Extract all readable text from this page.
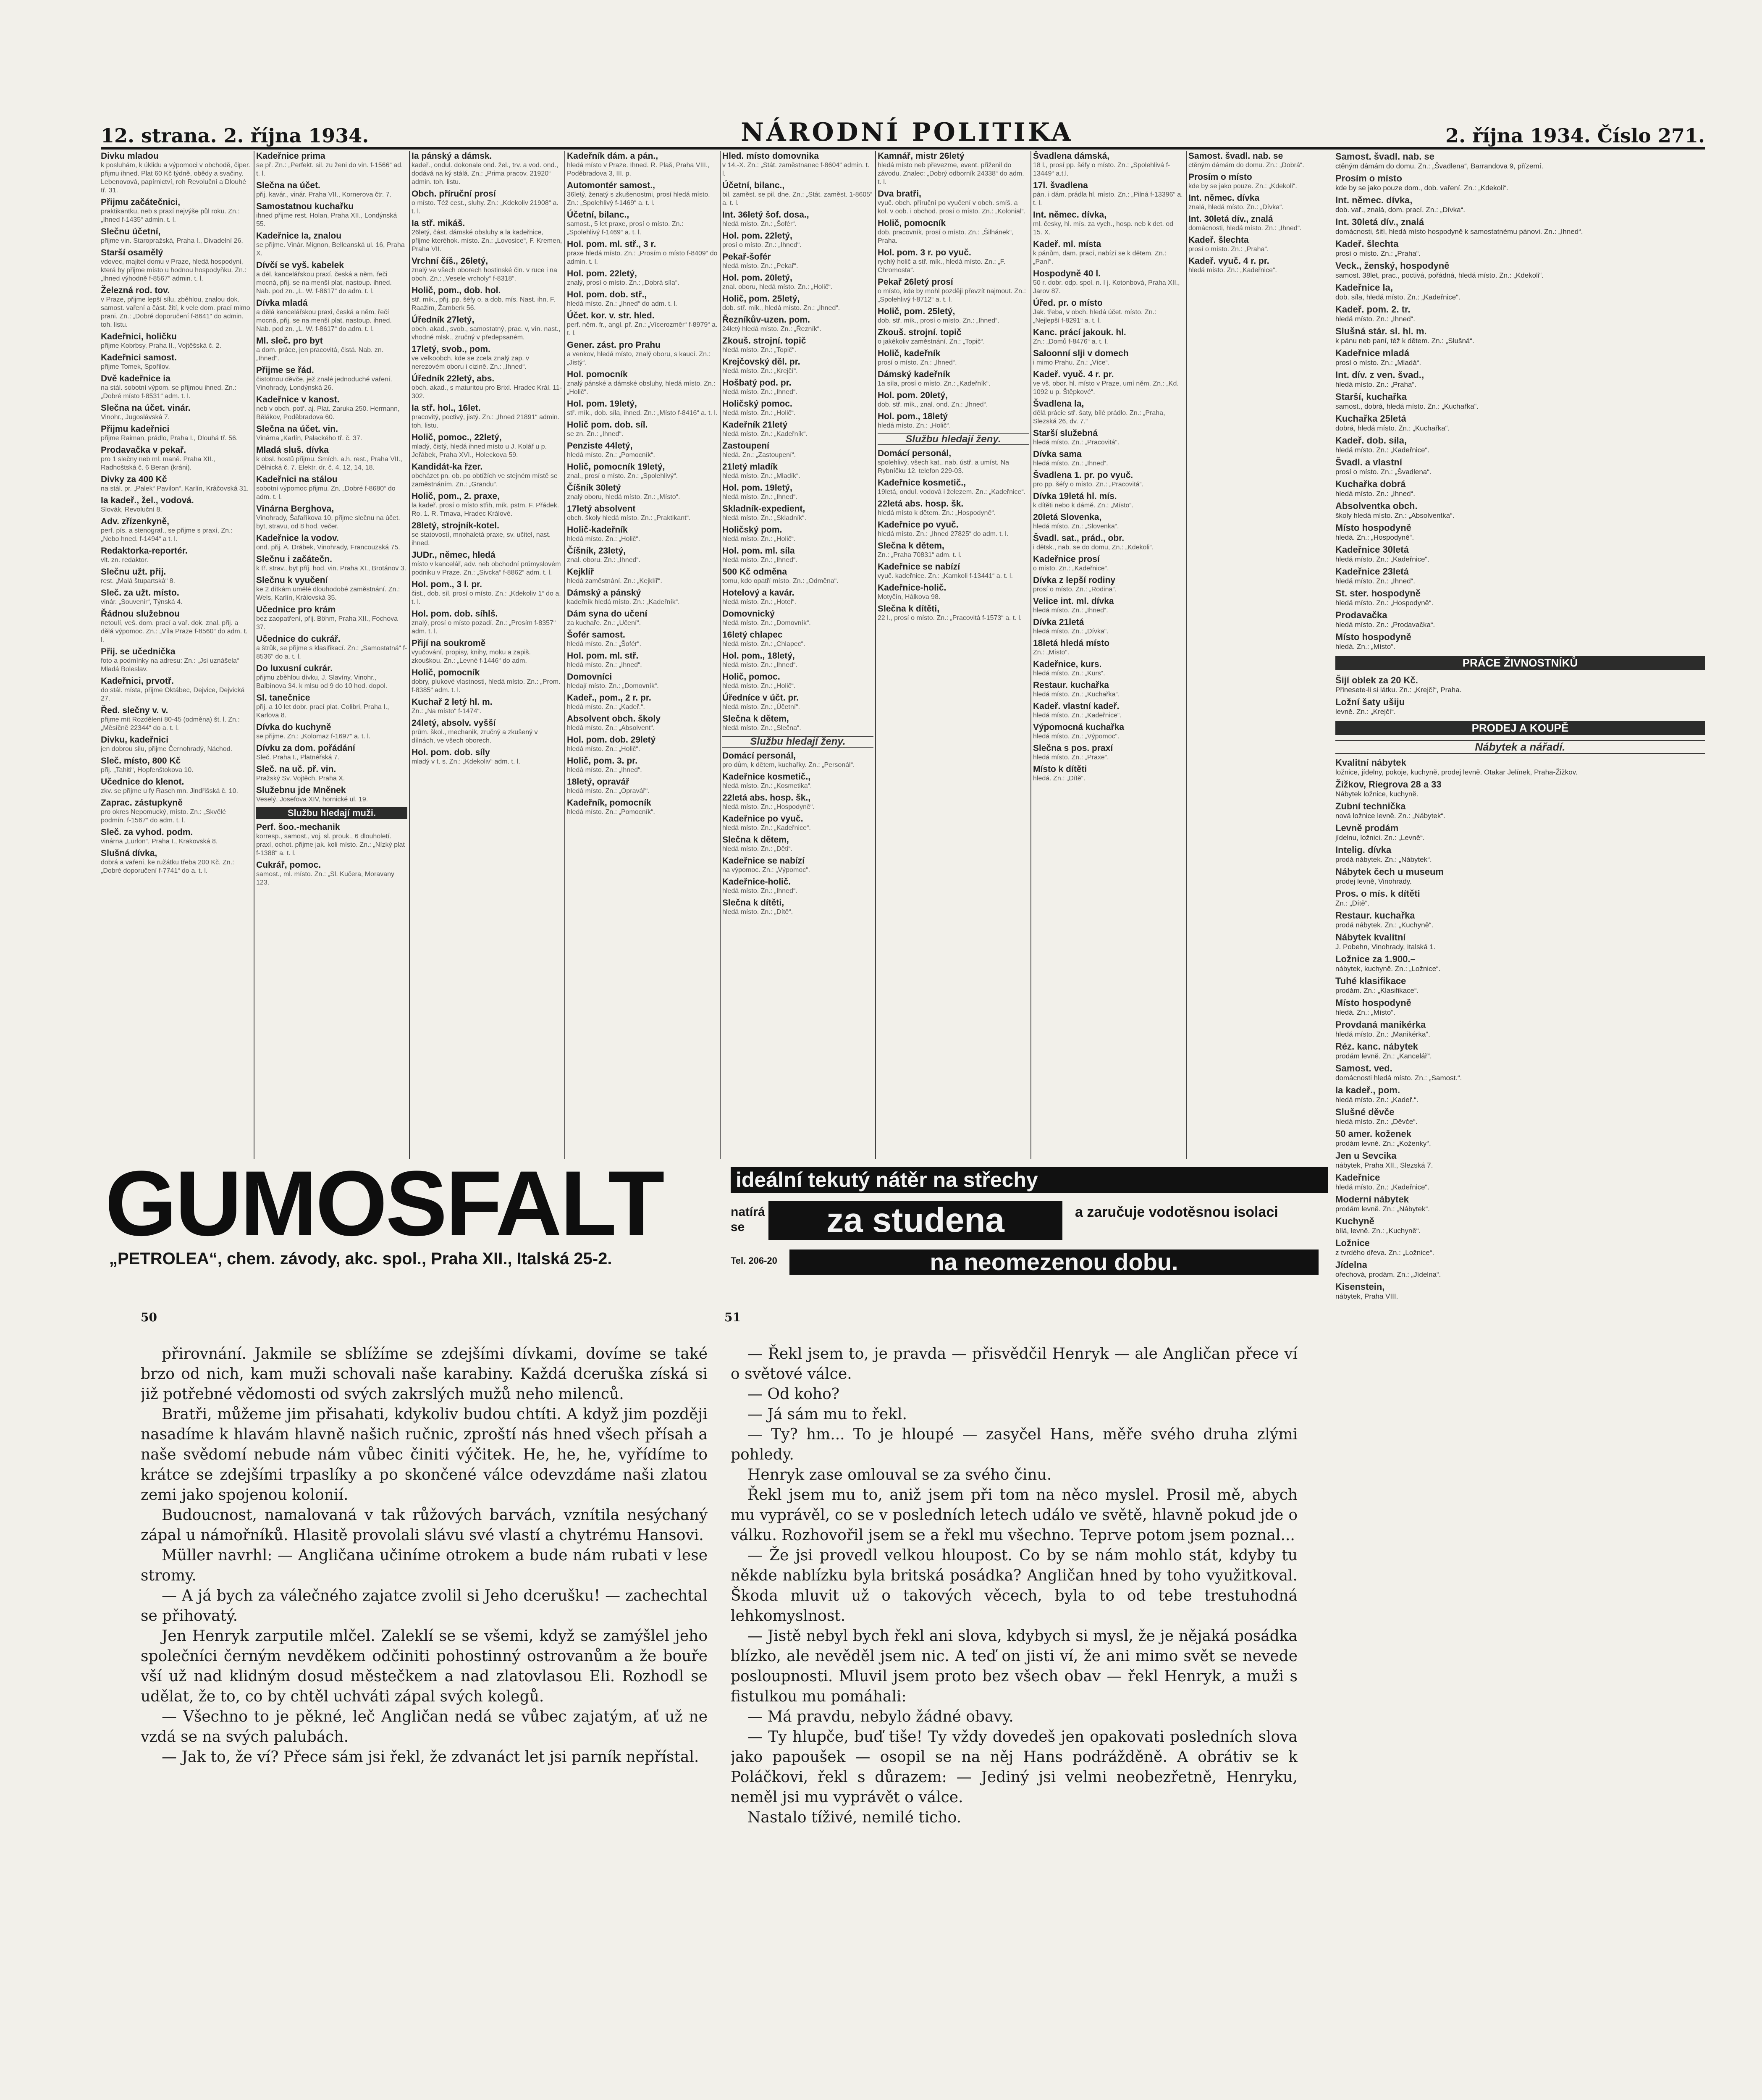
12. strana. 2. října 1934.	NÁRODNÍ POLITIKA	2. října 1934. Číslo 271.
Divku mladou
k posluhám, k úklidu a výpomoci v obchodě, čiper. přijmu ihned. Plat 60 Kč týdně, obědy a svačiny. Lebenovová, papírnictví, roh Revoluční a Dlouhé tř. 31.
Přijmu začátečnici,
praktikantku, neb s praxí nejvýše půl roku. Zn.: „Ihned f-1435“ admin. t. l.
Slečnu účetní,
přijme vin. Staropražská, Praha I., Divadelní 26.
Starší osamělý
vdovec, majitel domu v Praze, hledá hospodyni, která by přijme místo u hodnou hospodyňku. Zn.: „Ihned výhodně f-8567“ admin. t. l.
Železná rod. tov.
v Praze, přijme lepší sílu, zběhlou, znalou dok. samost. vaření a část. žití, k vele dom. prací mimo prani. Zn.: „Dobré doporučení f-8641“ do admin. toh. listu.
Kadeřnici, holičku
přijme Kobrbsy, Praha II., Vojtěšská č. 2.
Kadeřnici samost.
přijme Tomek, Spořilov.
Dvě kadeřnice ia
na stál. sobotní výpom. se přijmou ihned. Zn.: „Dobré místo f-8531“ adm. t. l.
Slečna na účet. vinár.
Vinohr., Jugoslávská 7.
Přijmu kadeřnici
přijme Raiman, prádlo, Praha I., Dlouhá tř. 56.
Prodavačka v pekař.
pro 1 slečny neb ml. maně. Praha XII., Radhoštská č. 6 Beran (kráni).
Divky za 400 Kč
na stál. pr. „Palek“ Pavilon“, Karlín, Kráčovská 31.
Ia kadeř., žel., vodová.
Slovák, Revoluční 8.
Adv. zřízenkyně,
perf. pís. a stenograf., se přijme s praxí, Zn.: „Nebo hned. f-1494“ a t. l.
Redaktorka-reportér.
vlt. zn. redaktor.
Slečnu užt. přij.
rest. „Malá štupartská“ 8.
Sleč. za užt. místo.
vinár. „Souvenir“, Týnská 4.
Řádnou služebnou
netoulí, veš. dom. prací a vař. dok. znal. přij. a dělá výpomoc. Zn.: „Víla Praze f-8560“ do adm. t. l.
Přij. se učednička
foto a podmínky na adresu: Zn.: „Jsi uznášela“ Mladá Boleslav.
Kadeřnici, prvotř.
do stál. místa, přijme Oktábec, Dejvice, Dejvická 27.
Řed. slečny v. v.
přijme mít Rozdělení 80-45 (odměna) št. l. Zn.: „Měsíčně 22344“ do a. t. l.
Divku, kadeřnici
jen dobrou silu, přijme Černohradý, Náchod.
Sleč. místo, 800 Kč
přij. „Tahiti“, Hopfenštokova 10.
Učednice do klenot.
zkv. se přijme u fy Rasch mn. Jindřišská č. 10.
Zaprac. zástupkyně
pro okres Nepomucký, místo. Zn.: „Skvělé podmín. f-1567“ do adm. t. l.
Sleč. za vyhod. podm.
vinárna „Lurlon“, Praha I., Krakovská 8.
Slušná dívka,
dobrá a vaření, ke ružátku třeba 200 Kč. Zn.: „Dobré doporučení f-7741“ do a. t. l.
Kadeřnice prima
se př. Zn.: „Perfekt. sil. zu ženi do vin. f-1566“ ad. t. l.
Slečna na účet.
přij. kavár., vinár. Praha VII., Kornerova čtr. 7.
Samostatnou kuchařku
ihned přijme rest. Holan, Praha XII., Londýnská 55.
Kadeřnice Ia, znalou
se přijme. Vinár. Mignon, Belleanská ul. 16, Praha X.
Dívčí se vyš. kabelek
a dél. kancelářskou praxí, česká a něm. řeči mocná, přij. se na menší plat, nastoup. ihned. Nab. pod zn. „L. W. f-8617“ do adm. t. l.
Dívka mladá
a dělá kancelářskou praxi, česká a něm. řečí mocná, přij. se na menší plat, nastoup. ihned. Nab. pod zn. „L. W. f-8617“ do adm. t. l.
Ml. sleč. pro byt
a dom. práce, jen pracovitá, čistá. Nab. zn. „Ihned“.
Přijme se řád.
čistotnou děvče, jež znalé jednoduché vaření. Vinohrady, Londýnská 26.
Kadeřnice v kanost.
neb v obch. potř. aj. Plat. Zaruka 250. Hermann, Bělákov, Poděbradova 60.
Slečna na účet. vin.
Vinárna „Karlín, Palackého tř. č. 37.
Mladá sluš. dívka
k obsl. hostů přijmu. Smích. a.h. rest., Praha VII., Dělnická č. 7. Elektr. dr. č. 4, 12, 14, 18.
Kadeřnici na stálou
sobotní výpomoc přijmu. Zn. „Dobré f-8680“ do adm. t. l.
Vinárna Berghova,
Vinohrady, Šafaříkova 10, přijme slečnu na účet. byt, stravu, od 8 hod. večer.
Kadeřnice la vodov.
ond. přij. A. Drábek, Vinohrady, Francouzská 75.
Slečnu i začátečn.
k tř. strav., byt příj. hod. vin. Praha XI., Brotánov 3.
Slečnu k vyučení
ke 2 dítkám umělé dlouhodobé zaměstnání. Zn.: Wels, Karlín, Královská 35.
Učednice pro krám
bez zaopatření, přij. Böhm, Praha XII., Fochova 37.
Učednice do cukrář.
a štrůk, se přijme s klasifikací. Zn.: „Samostatná“ f-8536“ do a. t. l.
Do luxusní cukrár.
přijmu zběhlou dívku, J. Slavíny, Vinohr., Balbínova 34. k mlsu od 9 do 10 hod. dopol.
Sl. tanečnice
přij. a 10 let dobr. prací plat. Colibri, Praha I., Karlova 8.
Dívka do kuchyně
se přijme. Zn.: „Kolomaz f-1697“ a. t. l.
Dívku za dom. pořádání
Sleč. Praha I., Platnéřská 7.
Sleč. na uč. př. vin.
Pražský Sv. Vojtěch. Praha X.
Služebnu jde Mněnek
Veselý, Josefova XIV, hornické ul. 19.
Službu hledají muži.
Perf. šoo.-mechanik
korresp., samost., voj. sl. prouk., 6 dlouholetí. praxí, ochot. přijme jak. koli místo. Zn.: „Nízký plat f-1388“ a. t. l.
Cukrář, pomoc.
samost., ml. místo. Zn.: „Sl. Kučera, Moravany 123.
Ia pánský a dámsk.
kadeř., ondul. dokonale ond. žel., trv. a vod. ond., dodává na ký stálá. Zn.: „Prima pracov. 21920“ admin. toh. listu.
Obch. příruční prosí
o místo. Též cest., sluhy. Zn.: „Kdekoliv 21908“ a. t. l.
Ia stř. mikáš.
26letý, část. dámské obsluhy a la kadeřnice, přijme kteréhok. místo. Zn.: „Lovosice“, F. Kremen, Praha VII.
Vrchní číš., 26letý,
znalý ve všech oborech hostinské čin. v ruce i na obch. Zn.: „Vesele vrcholy“ f-8318“.
Holič, pom., dob. hol.
stř. mík., přij. pp. šéfy o. a dob. mís. Nast. ihn. F. Raažim, Žamberk 56.
Úředník 27letý,
obch. akad., svob., samostatný, prac. v, vín. nast., vhodné mlsk., zručný v předepsaném.
17letý, svob., pom.
ve velkoobch. kde se zcela znalý zap. v nerezovém oboru i cizině. Zn.: „Ihned“.
Úředník 22letý, abs.
obch. akad., s maturitou pro Brixl. Hradec Král. 11-302.
Ia stř. hol., 16let.
pracovitý, poctivý, jistý. Zn.: „Ihned 21891“ admin. toh. listu.
Holič, pomoc., 22letý,
mladý, čistý, hledá ihned místo u J. Kolář u p. Jeřábek, Praha XVI., Holeckova 59.
Kandidát-ka řzer.
obcházet pn. ob. po obtížích ve stejném místě se zaměstnáním. Zn.: „Grandu“.
Holič, pom., 2. praxe,
la kadeř. prosí o místo stfih, mík. pstm. F. Přádek. Ro. 1. R. Trnava, Hradec Králové.
28letý, strojník-kotel.
se statovostí, mnohaletá praxe, sv. učitel, nast. ihned.
JUDr., němec, hledá
místo v kancelář, adv. neb obchodní průmyslovém podniku v Praze. Zn.: „Sivcka“ f-8862“ adm. t. l.
Hol. pom., 3 l. pr.
čist., dob. síl. prosí o místo. Zn.: „Kdekoliv 1“ do a. t. l.
Hol. pom. dob. síhlš.
znalý, prosí o místo pozadí. Zn.: „Prosím f-8357“ adm. t. l.
Přijí na soukromě
vyučování, propisy, knihy, moku a zapiš. zkouškou. Zn.: „Levné f-1446“ do adm.
Holič, pomocník
dobry, plukové vlastnosti, hledá místo. Zn.: „Prom. f-8385“ adm. t. l.
Kuchař 2 letý hl. m.
Zn.: „Na místo“ f-1474“.
24letý, absolv. vyšší
prům. škol., mechanik, zručný a zkušený v dílnách, ve všech oborech.
Hol. pom. dob. síly
mladý v t. s. Zn.: „Kdekoliv“ adm. t. l.
Kadeřník dám. a pán.,
hledá místo v Praze. Ihned. R. Plaš, Praha VIII., Poděbradova 3, III. p.
Automontér samost.,
36letý, ženatý s zkušenostmi, prosí hledá místo. Zn.: „Spolehlivý f-1469“ a. t. l.
Účetní, bilanc.,
samost., 5 let praxe, prosí o místo. Zn.: „Spolehlivý f-1469“ a. t. l.
Hol. pom. ml. stř., 3 r.
praxe hledá místo. Zn.: „Prosím o místo f-8409“ do admin. t. l.
Hol. pom. 22letý,
znalý, prosí o místo. Zn.: „Dobrá síla“.
Hol. pom. dob. stř.,
hledá místo. Zn.: „Ihned“ do adm. t. l.
Účet. kor. v. str. hled.
perf. něm. fr., angl. př. Zn.: „Vícerozměr“ f-8979“ a. t. l.
Gener. zást. pro Prahu
a venkov, hledá místo, znalý oboru, s kaucí. Zn.: „Jistý“.
Hol. pomocník
znalý pánské a dámské obsluhy, hledá místo. Zn.: „Holič“.
Hol. pom. 19letý,
stř. mík., dob. síla, ihned. Zn.: „Místo f-8416“ a. t. l.
Holič pom. dob. síl.
se zn. Zn.: „Ihned“.
Penziste 44letý,
hledá místo. Zn.: „Pomocník“.
Holič, pomocník 19letý,
znal., prosí o místo. Zn.: „Spolehlivý“.
Číšník 30letý
znalý oboru, hledá místo. Zn.: „Místo“.
17letý absolvent
obch. školy hledá místo. Zn.: „Praktikant“.
Holič-kadeřník
hledá místo. Zn.: „Holič“.
Číšník, 23letý,
znal. oboru. Zn.: „Ihned“.
Kejklíř
hledá zaměstnání. Zn.: „Kejklíř“.
Dámský a pánský
kadeřník hledá místo. Zn.: „Kadeřník“.
Dám syna do učení
za kuchaře. Zn.: „Učení“.
Šofér samost.
hledá místo. Zn.: „Šofér“.
Hol. pom. ml. stř.
hledá místo. Zn.: „Ihned“.
Domovníci
hledají místo. Zn.: „Domovník“.
Kadeř., pom., 2 r. pr.
hledá místo. Zn.: „Kadeř.“.
Absolvent obch. školy
hledá místo. Zn.: „Absolvent“.
Hol. pom. dob. 29letý
hledá místo. Zn.: „Holič“.
Holič, pom. 3. pr.
hledá místo. Zn.: „Ihned“.
18letý, opravář
hledá místo. Zn.: „Opravář“.
Kadeřník, pomocník
hledá místo. Zn.: „Pomocník“.
Hled. místo domovnika
v 14.-X. Zn.: „Stát. zaměstnanec f-8604“ admin. t. l.
Účetní, bilanc.,
bil. zaměst. se pil. dne. Zn.: „Stát. zaměst. 1-8605“ a. t. l.
Int. 36letý šof. dosa.,
hledá místo. Zn.: „Šofér“.
Hol. pom. 22letý,
prosí o místo. Zn.: „Ihned“.
Pekař-šofér
hledá místo. Zn.: „Pekař“.
Hol. pom. 20letý,
znal. oboru, hledá místo. Zn.: „Holič“.
Holič, pom. 25letý,
dob. stř. mík., hledá místo. Zn.: „Ihned“.
Řezníkův-uzen. pom.
24letý hledá místo. Zn.: „Řezník“.
Zkouš. strojní. topič
hledá místo. Zn.: „Topič“.
Krejčovský děl. pr.
hledá místo. Zn.: „Krejčí“.
Hošbatý pod. pr.
hledá místo. Zn.: „Ihned“.
Holičský pomoc.
hledá místo. Zn.: „Holič“.
Kadeřník 21letý
hledá místo. Zn.: „Kadeřník“.
Zastoupení
hledá. Zn.: „Zastoupení“.
21letý mladík
hledá místo. Zn.: „Mladík“.
Hol. pom. 19letý,
hledá místo. Zn.: „Ihned“.
Skladník-expedient,
hledá místo. Zn.: „Skladník“.
Holičský pom.
hledá místo. Zn.: „Holič“.
Hol. pom. ml. síla
hledá místo. Zn.: „Ihned“.
500 Kč odměna
tomu, kdo opatří místo. Zn.: „Odměna“.
Hotelový a kavár.
hledá místo. Zn.: „Hotel“.
Domovnický
hledá místo. Zn.: „Domovník“.
16letý chlapec
hledá místo. Zn.: „Chlapec“.
Hol. pom., 18letý,
hledá místo. Zn.: „Ihned“.
Holič, pomoc.
hledá místo. Zn.: „Holič“.
Úředníce v účt. pr.
hledá místo. Zn.: „Účetní“.
Slečna k dětem,
hledá místo. Zn.: „Slečna“.
Službu hledají ženy.
Domácí personál,
pro dům, k dětem, kuchařky. Zn.: „Personál“.
Kadeřnice kosmetič.,
hledá místo. Zn.: „Kosmetika“.
22letá abs. hosp. šk.,
hledá místo. Zn.: „Hospodyně“.
Kadeřnice po vyuč.
hledá místo. Zn.: „Kadeřnice“.
Slečna k dětem,
hledá místo. Zn.: „Děti“.
Kadeřnice se nabízí
na výpomoc. Zn.: „Výpomoc“.
Kadeřnice-holič.
hledá místo. Zn.: „Ihned“.
Slečna k dítěti,
hledá místo. Zn.: „Dítě“.
Kamnář, mistr 26letý
hledá místo neb převezme, event. přiženil do závodu. Znalec: „Dobrý odborník 24338“ do adm. t. l.
Dva bratři,
vyuč. obch. příruční po vyučení v obch. smíš. a kol. v oob. i obchod. prosí o místo. Zn.: „Kolonial“.
Holič, pomocník
dob. pracovník, prosí o místo. Zn.: „Šilhánek“, Praha.
Hol. pom. 3 r. po vyuč.
rychlý holič a stř. mík., hledá místo. Zn.: „F. Chromosta“.
Pekař 26letý prosí
o místo, kde by mohl později převzít najmout. Zn.: „Spolehlivý f-8712“ a. t. l.
Holič, pom. 25letý,
dob. stř. mík., prosí o místo. Zn.: „Ihned“.
Zkouš. strojní. topič
o jakékoliv zaměstnání. Zn.: „Topič“.
Holič, kadeřník
prosí o místo. Zn.: „Ihned“.
Dámský kadeřník
1a síla, prosí o místo. Zn.: „Kadeřník“.
Hol. pom. 20letý,
dob. stř. mík., znal. ond. Zn.: „Ihned“.
Hol. pom., 18letý
hledá místo. Zn.: „Holič“.
Službu hledají ženy.
Domácí personál,
spolehlivý, všech kat., nab. ústř. a umíst. Na Rybníčku 12. telefon 229-03.
Kadeřnice kosmetič.,
19letá, ondul. vodová i železem. Zn.: „Kadeřnice“.
22letá abs. hosp. šk.
hledá místo k dětem. Zn.: „Hospodyně“.
Kadeřnice po vyuč.
hledá místo. Zn.: „Ihned 27825“ do adm. t. l.
Slečna k dětem,
Zn.: „Praha 70831“ adm. t. l.
Kadeřnice se nabízí
vyuč. kadeřnice. Zn.: „Kamkoli f-13441“ a. t. l.
Kadeřnice-holič.
Motyčín, Hálkova 98.
Slečna k dítěti,
22 l., prosí o místo. Zn.: „Pracovitá f-1573“ a. t. l.
Švadlena dámská,
18 l., prosí pp. šéfy o místo. Zn.: „Spolehlivá f-13449“ a.t.l.
17l. švadlena
pán. i dám. prádla hl. místo. Zn.: „Pilná f-13396“ a. t. l.
Int. němec. dívka,
ml. česky, hl. mís. za vych., hosp. neb k det. od 15. X.
Kadeř. ml. místa
k pánům, dam. prací, nabízí se k dětem. Zn.: „Paní“.
Hospodyně 40 l.
50 r. dobr. odp. spol. n. I j. Kotonbová, Praha XII., Jarov 87.
Úřed. pr. o místo
Jak. třeba, v obch. hledá účet. místo. Zn.: „Nejlepší f-8291“ a. t. l.
Kanc. prácí jakouk. hl.
Zn.: „Domů f-8476“ a. t. l.
Saloonní slji v domech
i mimo Prahu. Zn.: „Více“.
Kadeř. vyuč. 4 r. pr.
ve vš. obor. hl. místo v Praze, umí něm. Zn.: „Kd. 1092 u p. Štěpkové“.
Švadlena la,
dělá prácie stř. šaty, bílé prádlo. Zn.: „Praha, Slezská 26, dv. 7.“
Starší služebná
hledá místo. Zn.: „Pracovitá“.
Dívka sama
hledá místo. Zn.: „Ihned“.
Švadlena 1. pr. po vyuč.
pro pp. šéfy o místo. Zn.: „Pracovitá“.
Dívka 19letá hl. mís.
k dítěti nebo k dámě. Zn.: „Místo“.
20letá Slovenka,
hledá místo. Zn.: „Slovenka“.
Švadl. sat., prád., obr.
i dětsk., nab. se do domu, Zn.: „Kdekoli“.
Kadeřnice prosí
o místo. Zn.: „Kadeřnice“.
Dívka z lepší rodiny
prosí o místo. Zn.: „Rodina“.
Velice int. ml. dívka
hledá místo. Zn.: „Ihned“.
Dívka 21letá
hledá místo. Zn.: „Dívka“.
18letá hledá místo
Zn.: „Místo“.
Kadeřnice, kurs.
hledá místo. Zn.: „Kurs“.
Restaur. kuchařka
hledá místo. Zn.: „Kuchařka“.
Kadeř. vlastní kadeř.
hledá místo. Zn.: „Kadeřnice“.
Výpomocná kuchařka
hledá místo. Zn.: „Výpomoc“.
Slečna s pos. praxí
hledá místo. Zn.: „Praxe“.
Místo k dítěti
hledá. Zn.: „Dítě“.
Samost. švadl. nab. se
ctěným dámám do domu. Zn.: „Dobrá“.
Prosím o místo
kde by se jako pouze. Zn.: „Kdekoli“.
Int. němec. dívka
znalá, hledá místo. Zn.: „Dívka“.
Int. 30letá dív., znalá
domácnosti, hledá místo. Zn.: „Ihned“.
Kadeř. šlechta
prosí o místo. Zn.: „Praha“.
Kadeř. vyuč. 4 r. pr.
hledá místo. Zn.: „Kadeřnice“.
Samost. švadl. nab. se
ctěným dámám do domu. Zn.: „Švadlena“, Barrandova 9, přízemí.
Prosím o místo
kde by se jako pouze dom., dob. vaření. Zn.: „Kdekoli“.
Int. němec. dívka,
dob. vař., znalá, dom. prací. Zn.: „Dívka“.
Int. 30letá dív., znalá
domácnosti, šití, hledá místo hospodyně k samostatnému pánovi. Zn.: „Ihned“.
Kadeř. šlechta
prosí o místo. Zn.: „Praha“.
Veck., ženský, hospodyně
samost. 38let, prac., poctivá, pořádná, hledá místo. Zn.: „Kdekoli“.
Kadeřnice la,
dob. síla, hledá místo. Zn.: „Kadeřnice“.
Kadeř. pom. 2. tr.
hledá místo. Zn.: „Ihned“.
Slušná stár. sl. hl. m.
k pánu neb paní, též k dětem. Zn.: „Slušná“.
Kadeřnice mladá
prosí o místo. Zn.: „Mladá“.
Int. dív. z ven. švad.,
hledá místo. Zn.: „Praha“.
Starší, kuchařka
samost., dobrá, hledá místo. Zn.: „Kuchařka“.
Kuchařka 25letá
dobrá, hledá místo. Zn.: „Kuchařka“.
Kadeř. dob. síla,
hledá místo. Zn.: „Kadeřnice“.
Švadl. a vlastní
prosí o místo. Zn.: „Švadlena“.
Kuchařka dobrá
hledá místo. Zn.: „Ihned“.
Absolventka obch.
školy hledá místo. Zn.: „Absolventka“.
Místo hospodyně
hledá. Zn.: „Hospodyně“.
Kadeřnice 30letá
hledá místo. Zn.: „Kadeřnice“.
Kadeřnice 23letá
hledá místo. Zn.: „Ihned“.
St. ster. hospodyně
hledá místo. Zn.: „Hospodyně“.
Prodavačka
hledá místo. Zn.: „Prodavačka“.
Místo hospodyně
hledá. Zn.: „Místo“.
PRÁCE ŽIVNOSTNÍKŮ
Šijí oblek za 20 Kč.
Přinesete-li si látku. Zn.: „Krejčí“, Praha.
Ložní šaty ušiju
levně. Zn.: „Krejčí“.
PRODEJ A KOUPĚ
Nábytek a nářadí.
Kvalitní nábytek
ložnice, jídelny, pokoje, kuchyně, prodej levně. Otakar Jelínek, Praha-Žižkov.
Žižkov, Riegrova 28 a 33
Nábytek ložnice, kuchyně.
Zubní technička
nová ložnice levně. Zn.: „Nábytek“.
Levně prodám
jídelnu, ložnici. Zn.: „Levně“.
Intelig. dívka
prodá nábytek. Zn.: „Nábytek“.
Nábytek čech u museum
prodej levně, Vinohrady.
Pros. o mís. k dítěti
Zn.: „Dítě“.
Restaur. kuchařka
prodá nábytek. Zn.: „Kuchyně“.
Nábytek kvalitní
J. Pobehn, Vinohrady, Italská 1.
Ložnice za 1.900.–
nábytek, kuchyně. Zn.: „Ložnice“.
Tuhé klasifikace
prodám. Zn.: „Klasifikace“.
Místo hospodyně
hledá. Zn.: „Místo“.
Provdaná manikérka
hledá místo. Zn.: „Manikérka“.
Réz. kanc. nábytek
prodám levně. Zn.: „Kancelář“.
Samost. ved.
domácnosti hledá místo. Zn.: „Samost.“.
Ia kadeř., pom.
hledá místo. Zn.: „Kadeř.“.
Slušné děvče
hledá místo. Zn.: „Děvče“.
50 amer. koženek
prodám levně. Zn.: „Koženky“.
Jen u Sevcika
nábytek, Praha XII., Slezská 7.
Kadeřnice
hledá místo. Zn.: „Kadeřnice“.
Moderní nábytek
prodám levně. Zn.: „Nábytek“.
Kuchyně
bílá, levně. Zn.: „Kuchyně“.
Ložnice
z tvrdého dřeva. Zn.: „Ložnice“.
Jídelna
ořechová, prodám. Zn.: „Jídelna“.
Kisenstein,
nábytek, Praha VIII.
GUMOSFALT
„PETROLEA“, chem. závody, akc. spol., Praha XII., Italská 25-2.
ideální tekutý nátěr na střechy
natírá se	za studena	a zaručuje vodotěsnou isolaci
Tel. 206-20	na neomezenou dobu.
50	51

přirovnání. Jakmile se sblížíme se zdejšími dívkami, dovíme se také brzo od nich, kam muži schovali naše karabiny. Každá dceruška získá si již potřebné vědomosti od svých zakrslých mužů neho milenců.

Bratři, můžeme jim přisahati, kdykoliv budou chtíti. A když jim později nasadíme k hlavám hlavně našich ručnic, zproští nás hned všech přísah a naše svědomí nebude nám vůbec činiti výčitek. He, he, he, vyřídíme to krátce se zdejšími trpaslíky a po skončené válce odevzdáme naši zlatou zemi jako spojenou kolonií.

Budoucnost, namalovaná v tak růžových barvách, vznítila nesýchaný zápal u námořníků. Hlasitě provolali slávu své vlastí a chytrému Hansovi.

Müller navrhl: — Angličana učiníme otrokem a bude nám rubati v lese stromy.

— A já bych za válečného zajatce zvolil si Jeho dcerušku! — zachechtal se přihovatý.

Jen Henryk zarputile mlčel. Zaleklí se se všemi, když se zamýšlel jeho společníci černým nevděkem odčiniti pohostinný ostrovanům a že bouře vší už nad klidným dosud městečkem a nad zlatovlasou Eli. Rozhodl se udělat, že to, co by chtěl uchváti zápal svých kolegů.

— Všechno to je pěkné, leč Angličan nedá se vůbec zajatým, ať už ne vzdá se na svých palubách.

— Jak to, že ví? Přece sám jsi řekl, že zdvanáct let jsi parník nepřístal.

— Řekl jsem to, je pravda — přisvědčil Henryk — ale Angličan přece ví o světové válce.

— Od koho?

— Já sám mu to řekl.

— Ty? hm... To je hloupé — zasyčel Hans, měře svého druha zlými pohledy.

Henryk zase omlouval se za svého činu.

Řekl jsem mu to, aniž jsem při tom na něco myslel. Prosil mě, abych mu vyprávěl, co se v posledních letech událo ve světě, hlavně pokud jde o válku. Rozhovořil jsem se a řekl mu všechno. Teprve potom jsem poznal...

— Že jsi provedl velkou hloupost. Co by se nám mohlo stát, kdyby tu někde nablízku byla britská posádka? Angličan hned by toho využitkoval. Škoda mluvit už o takových věcech, byla to od tebe trestuhodná lehkomyslnost.

— Jistě nebyl bych řekl ani slova, kdybych si mysl, že je nějaká posádka blízko, ale nevěděl jsem nic. A teď on jisti ví, že ani mimo svět se nevede posloupnosti. Mluvil jsem proto bez všech obav — řekl Henryk, a muži s fistulkou mu pomáhali:

— Má pravdu, nebylo žádné obavy.

— Ty hlupče, buď tiše! Ty vždy dovedeš jen opakovati posledních slova jako papoušek — osopil se na něj Hans podrážděně. A obrátiv se k Poláčkovi, řekl s důrazem: — Jediný jsi velmi neobezřetně, Henryku, neměl jsi mu vyprávět o válce.

Nastalo tíživé, nemilé ticho.
